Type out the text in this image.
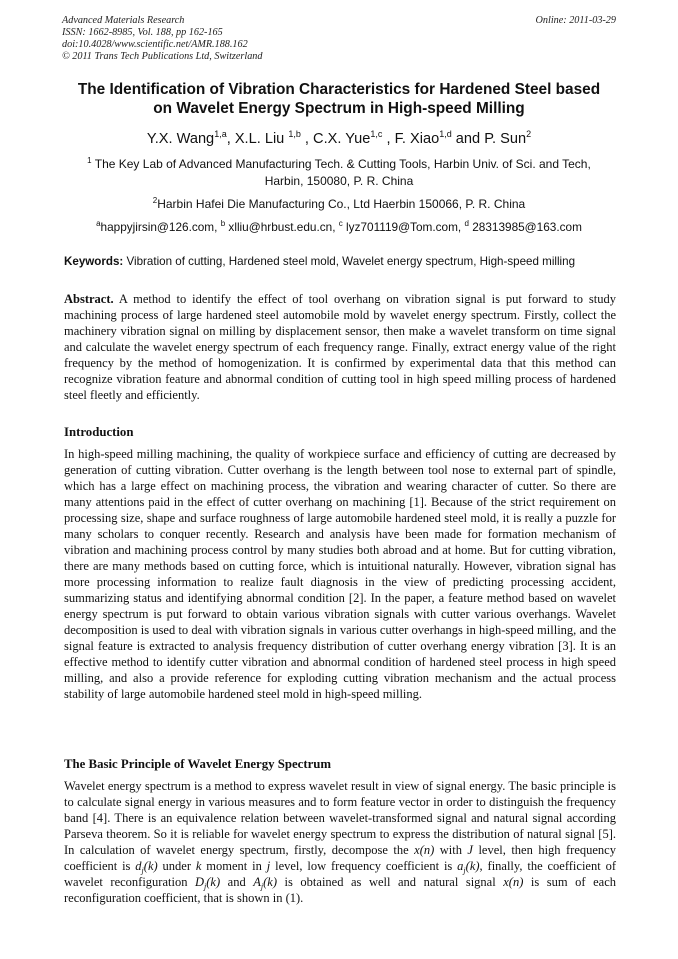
Advanced Materials Research
ISSN: 1662-8985, Vol. 188, pp 162-165
doi:10.4028/www.scientific.net/AMR.188.162
© 2011 Trans Tech Publications Ltd, Switzerland
Online: 2011-03-29
The Identification of Vibration Characteristics for Hardened Steel based
on Wavelet Energy Spectrum in High-speed Milling
Y.X. Wang$^{1,a}$, X.L. Liu $^{1,b}$ , C.X. Yue$^{1,c}$ , F. Xiao$^{1,d}$ and P. Sun$^2$
$^1$ The Key Lab of Advanced Manufacturing Tech. & Cutting Tools, Harbin Univ. of Sci. and Tech,
Harbin, 150080, P. R. China
$^2$Harbin Hafei Die Manufacturing Co., Ltd Haerbin 150066, P. R. China
$^a$happyjirsin@126.com, $^b$ xlliu@hrbust.edu.cn, $^c$ lyz701119@Tom.com, $^d$ 28313985@163.com
Keywords: Vibration of cutting, Hardened steel mold, Wavelet energy spectrum, High-speed milling
Abstract. A method to identify the effect of tool overhang on vibration signal is put forward to study machining process of large hardened steel automobile mold by wavelet energy spectrum. Firstly, collect the machinery vibration signal on milling by displacement sensor, then make a wavelet transform on time signal and calculate the wavelet energy spectrum of each frequency range. Finally, extract energy value of the right frequency by the method of homogenization. It is confirmed by experimental data that this method can recognize vibration feature and abnormal condition of cutting tool in high speed milling process of hardened steel fleetly and efficiently.
Introduction
In high-speed milling machining, the quality of workpiece surface and efficiency of cutting are decreased by generation of cutting vibration. Cutter overhang is the length between tool nose to external part of spindle, which has a large effect on machining process, the vibration and wearing character of cutter. So there are many attentions paid in the effect of cutter overhang on machining [1]. Because of the strict requirement on processing size, shape and surface roughness of large automobile hardened steel mold, it is really a puzzle for many scholars to conquer recently. Research and analysis have been made for formation mechanism of vibration and machining process control by many studies both abroad and at home. But for cutting vibration, there are many methods based on cutting force, which is intuitional naturally. However, vibration signal has more processing information to realize fault diagnosis in the view of predicting processing accident, summarizing status and identifying abnormal condition [2]. In the paper, a feature method based on wavelet energy spectrum is put forward to obtain various vibration signals with cutter various overhangs. Wavelet decomposition is used to deal with vibration signals in various cutter overhangs in high-speed milling, and the signal feature is extracted to analysis frequency distribution of cutter overhang energy vibration [3]. It is an effective method to identify cutter vibration and abnormal condition of hardened steel process in high speed milling, and also a provide reference for exploding cutting vibration mechanism and the actual process stability of large automobile hardened steel mold in high-speed milling.
The Basic Principle of Wavelet Energy Spectrum
Wavelet energy spectrum is a method to express wavelet result in view of signal energy. The basic principle is to calculate signal energy in various measures and to form feature vector in order to distinguish the frequency band [4]. There is an equivalence relation between wavelet-transformed signal and natural signal according Parseva theorem. So it is reliable for wavelet energy spectrum to express the distribution of natural signal [5]. In calculation of wavelet energy spectrum, firstly, decompose the x(n) with J level, then high frequency coefficient is $d_j(k)$ under k moment in j level, low frequency coefficient is $a_j(k)$, finally, the coefficient of wavelet reconfiguration $D_j(k)$ and $A_j(k)$ is obtained as well and natural signal x(n) is sum of each reconfiguration coefficient, that is shown in (1).
